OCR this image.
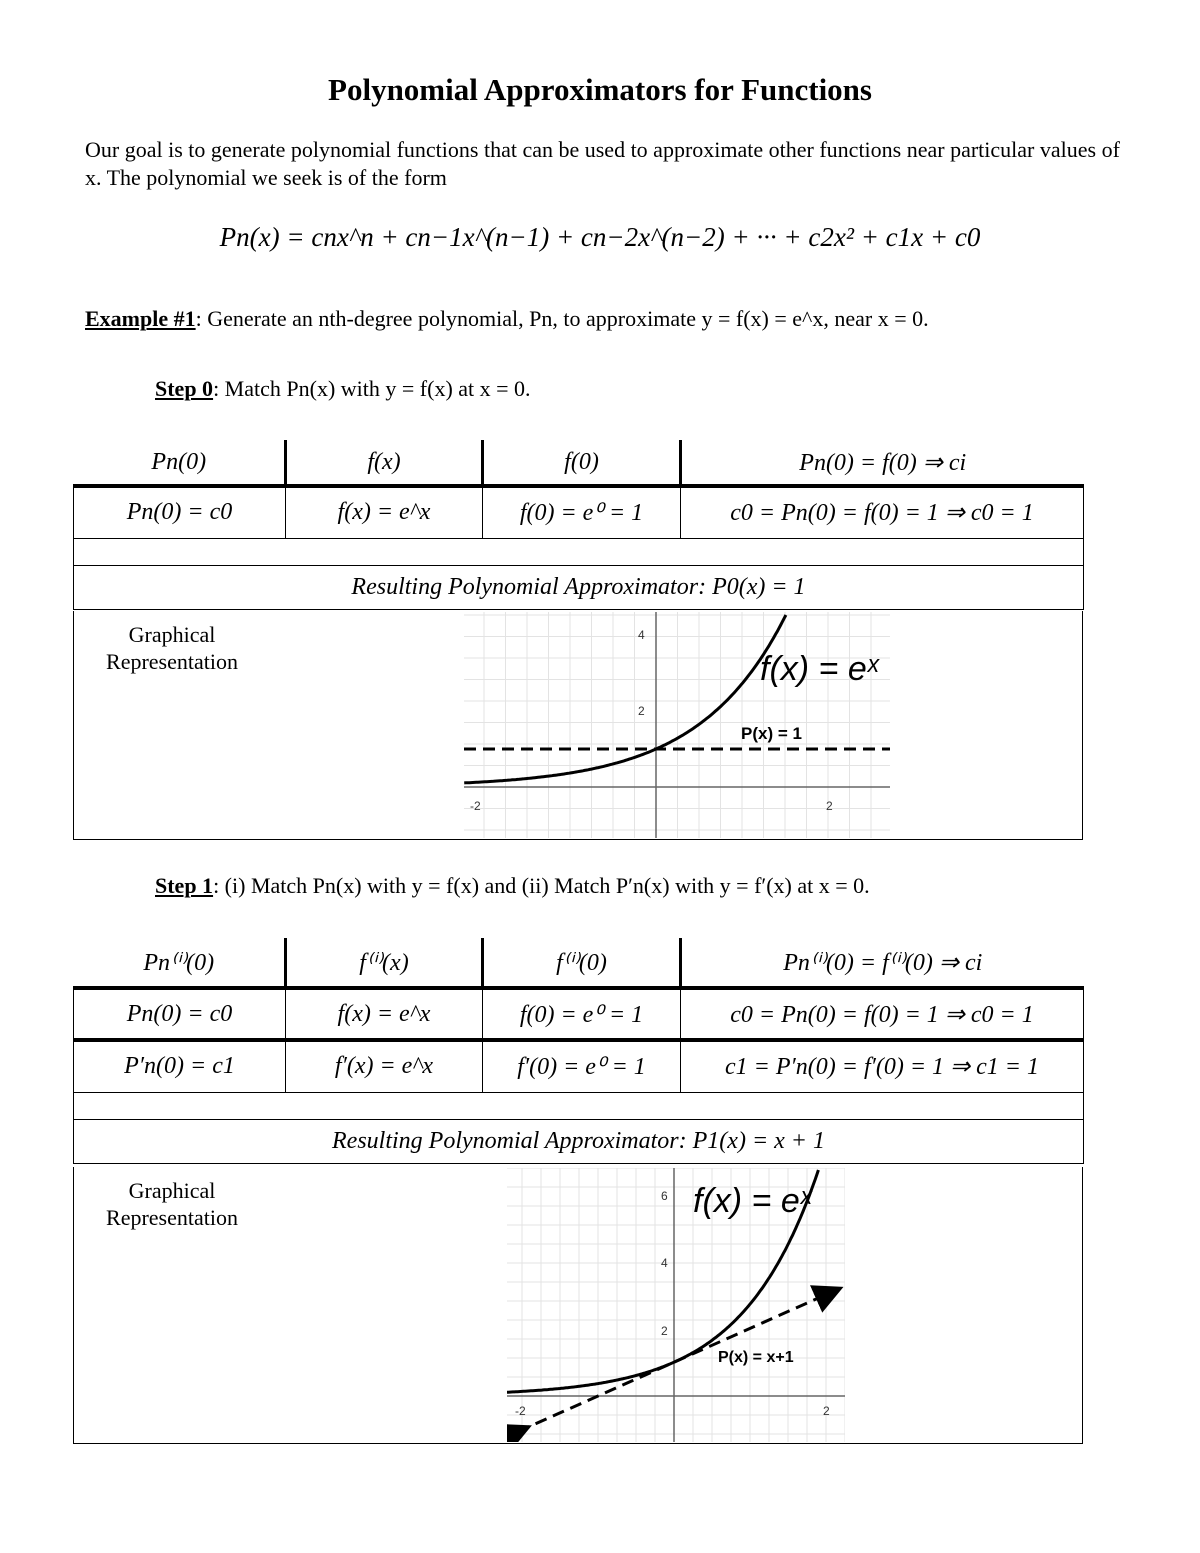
Polynomial Approximators for Functions
Our goal is to generate polynomial functions that can be used to approximate other functions near particular values of x. The polynomial we seek is of the form
Pn(x) = cnx^n + cn−1x^(n−1) + cn−2x^(n−2) + ··· + c2x² + c1x + c0
Example #1: Generate an nth-degree polynomial, Pn, to approximate y = f(x) = e^x, near x = 0.
Step 0: Match Pn(x) with y = f(x) at x = 0.
Pn(0)	f(x)	f(0)	Pn(0) = f(0) ⇒ ci
Pn(0) = c0	f(x) = e^x	f(0) = e⁰ = 1	c0 = Pn(0) = f(0) = 1 ⇒ c0 = 1

Resulting Polynomial Approximator: P0(x) = 1			
Graphical Representation
-2	2
2
4
f(x) = eˣ
P(x) = 1
Step 1: (i) Match Pn(x) with y = f(x) and (ii) Match P′n(x) with y = f′(x) at x = 0.
Pn⁽ⁱ⁾(0)	f⁽ⁱ⁾(x)	f⁽ⁱ⁾(0)	Pn⁽ⁱ⁾(0) = f⁽ⁱ⁾(0) ⇒ ci
Pn(0) = c0	f(x) = e^x	f(0) = e⁰ = 1	c0 = Pn(0) = f(0) = 1 ⇒ c0 = 1
P′n(0) = c1	f′(x) = e^x	f′(0) = e⁰ = 1	c1 = P′n(0) = f′(0) = 1 ⇒ c1 = 1

Resulting Polynomial Approximator: P1(x) = x + 1			
Graphical Representation
-2	2
2
4
6 f(x) = eˣ
P(x) = x+1
